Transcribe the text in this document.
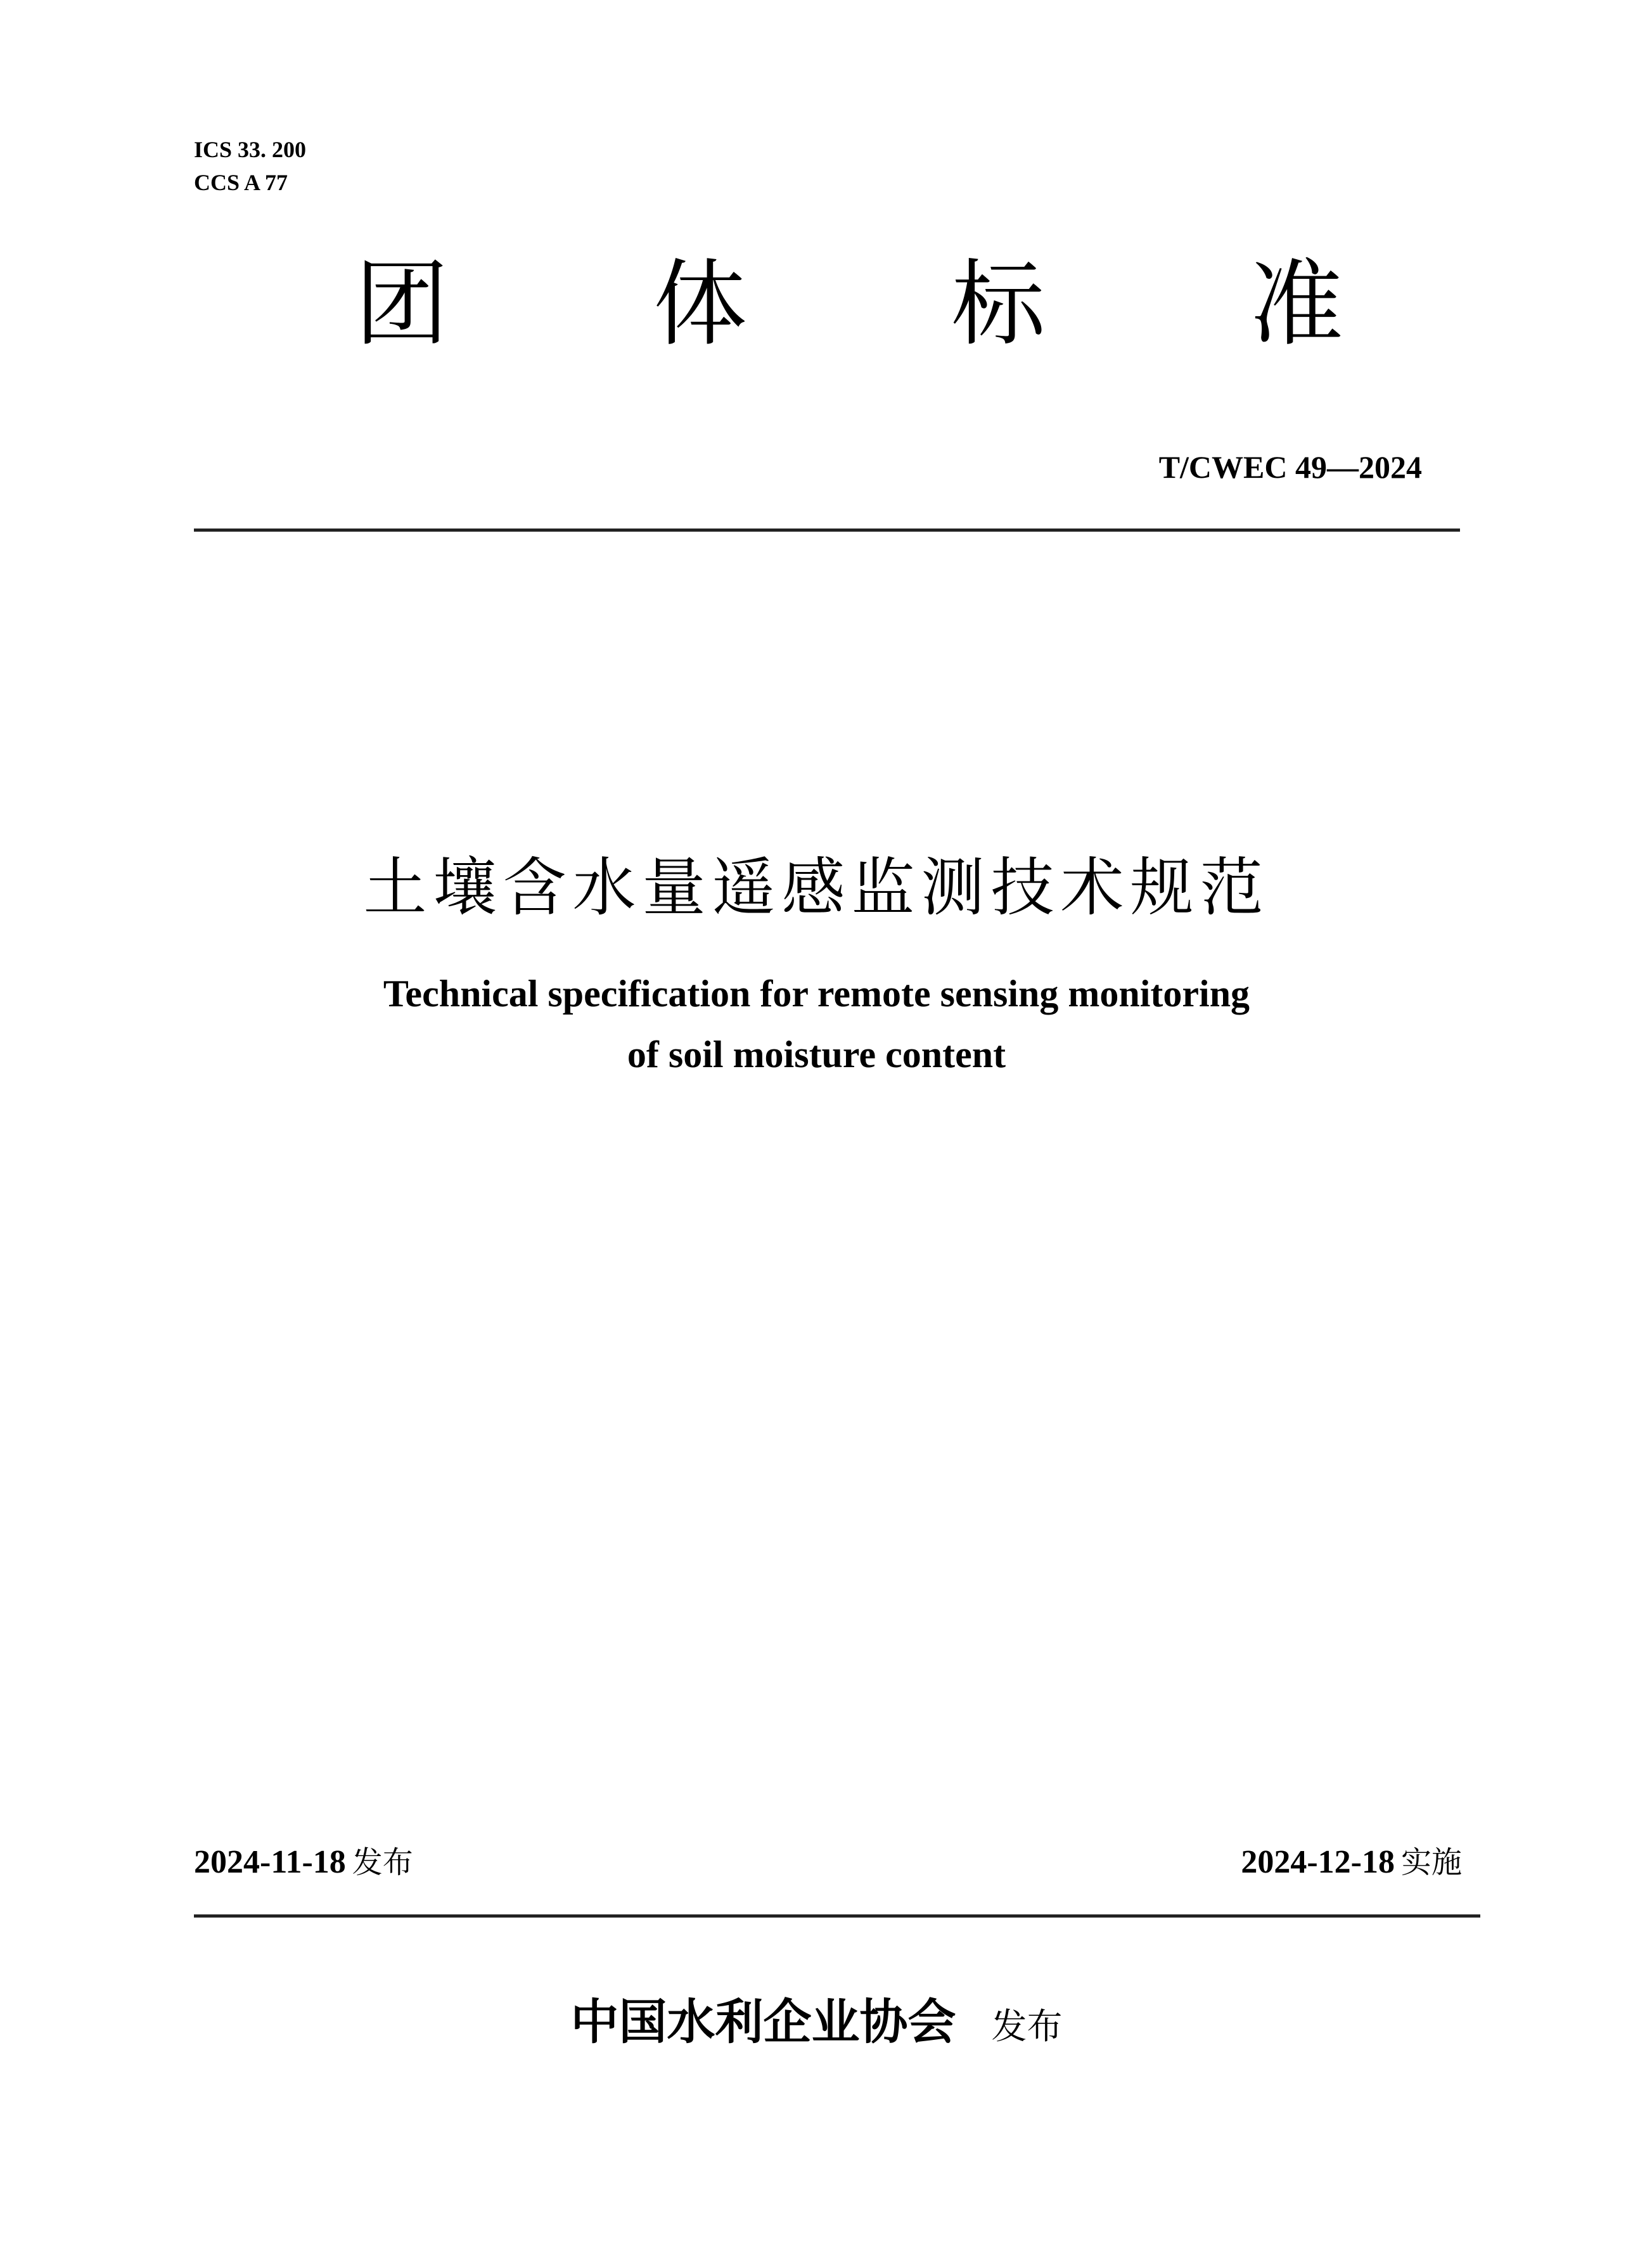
ICS 33. 200
CCS A 77
团 体 标 准
T/CWEC 49—2024
土壤含水量遥感监测技术规范
Technical specification for remote sensing monitoring
of soil moisture content
2024-11-18 发布	2024-12-18 实施
中国水利企业协会 发布
